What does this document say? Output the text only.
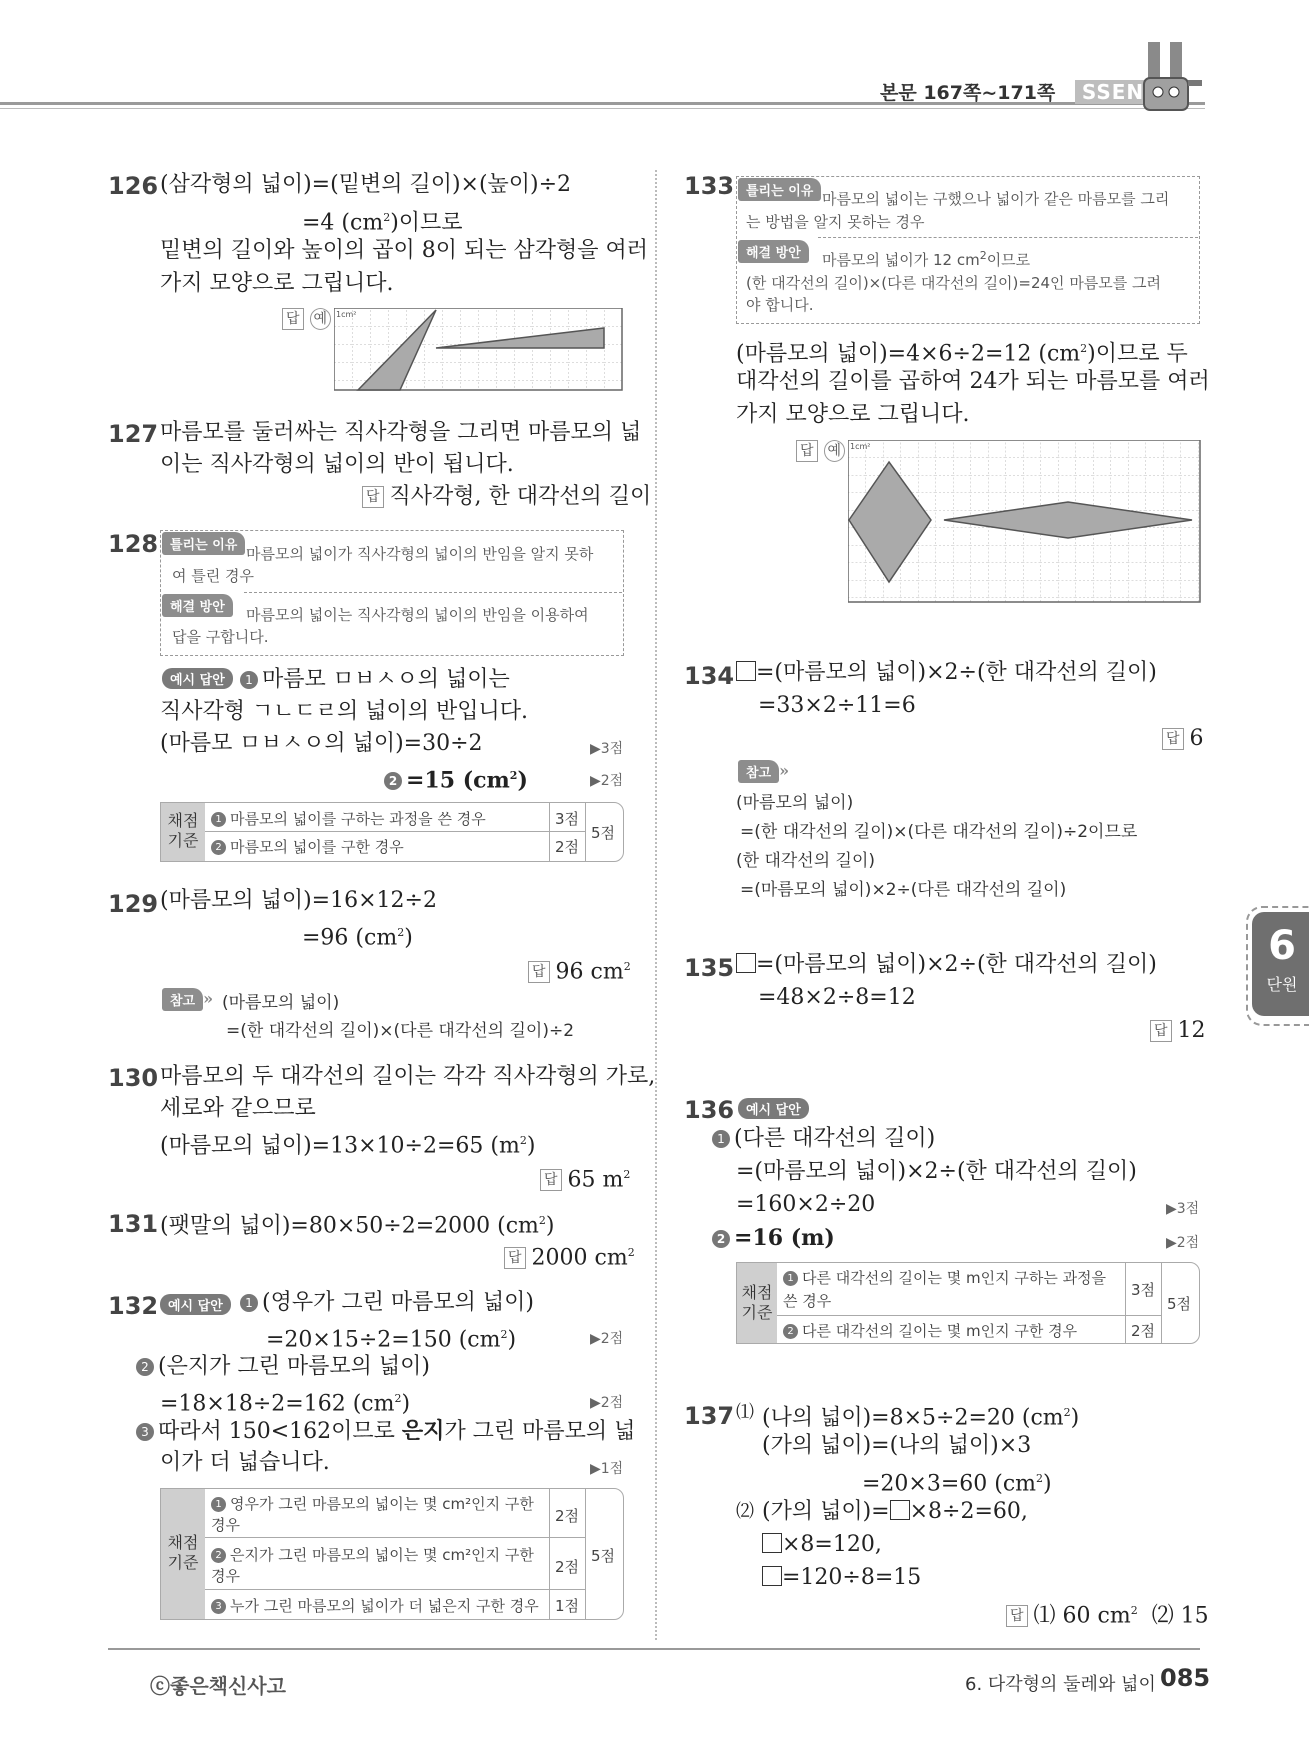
본문 167쪽~171쪽	SSEN
126 (삼각형의 넓이)=(밑변의 길이)×(높이)÷2
=4 $(cm^2)$이므로
밑변의 길이와 높이의 곱이 8이 되는 삼각형을 여러
가지 모양으로 그립니다.
답 예	1cm²
127 마름모를 둘러싸는 직사각형을 그리면 마름모의 넓
이는 직사각형의 넓이의 반이 됩니다.
답 직사각형, 한 대각선의 길이
128 틀리는 이유 마름모의 넓이가 직사각형의 넓이의 반임을 알지 못하
여 틀린 경우
해결 방안	마름모의 넓이는 직사각형의 넓이의 반임을 이용하여
답을 구합니다.
예시 답안	1 마름모 ㅁㅂㅅㅇ의 넓이는
직사각형 ㄱㄴㄷㄹ의 넓이의 반입니다.
(마름모 ㅁㅂㅅㅇ의 넓이)=30÷2	▶3점
2 =15 $(cm^2)$	▶2점
채점
기준
1 마름모의 넓이를 구하는 과정을 쓴 경우	3점
2 마름모의 넓이를 구한 경우	2점
5점
129 (마름모의 넓이)=16×12÷2
=96 $(cm^2)$
답 96 $cm^2$
참고 » (마름모의 넓이)
=(한 대각선의 길이)×(다른 대각선의 길이)÷2
130 마름모의 두 대각선의 길이는 각각 직사각형의 가로,
세로와 같으므로
(마름모의 넓이)=13×10÷2=65 $(m^2)$
답 65 $m^2$
131 (팻말의 넓이)=80×50÷2=2000 $(cm^2)$
답 2000 $cm^2$
132 예시 답안	1 (영우가 그린 마름모의 넓이)
=20×15÷2=150 $(cm^2)$	▶2점
2 (은지가 그린 마름모의 넓이)
=18×18÷2=162 $(cm^2)$	▶2점
3 따라서 150<162이므로 은지가 그린 마름모의 넓
이가 더 넓습니다.	▶1점
채점
기준
1 영우가 그린 마름모의 넓이는 몇 cm²인지 구한
경우	2점
2 은지가 그린 마름모의 넓이는 몇 cm²인지 구한
경우	2점
3 누가 그린 마름모의 넓이가 더 넓은지 구한 경우 1점
5점
133 틀리는 이유 마름모의 넓이는 구했으나 넓이가 같은 마름모를 그리
는 방법을 알지 못하는 경우
해결 방안	마름모의 넓이가 12 $cm^2$이므로
(한 대각선의 길이)×(다른 대각선의 길이)=24인 마름모를 그려
야 합니다.
(마름모의 넓이)=4×6÷2=12 $(cm^2)$이므로 두
대각선의 길이를 곱하여 24가 되는 마름모를 여러
가지 모양으로 그립니다.
답 예	1cm²
134 =(마름모의 넓이)×2÷(한 대각선의 길이)
=33×2÷11=6
답 6
참고 »
(마름모의 넓이)
=(한 대각선의 길이)×(다른 대각선의 길이)÷2이므로
(한 대각선의 길이)
=(마름모의 넓이)×2÷(다른 대각선의 길이)
135 =(마름모의 넓이)×2÷(한 대각선의 길이)
=48×2÷8=12
답 12
136 예시 답안
1 (다른 대각선의 길이)
=(마름모의 넓이)×2÷(한 대각선의 길이)
=160×2÷20	▶3점
2 =16 (m)	▶2점
채점
기준
1 다른 대각선의 길이는 몇 m인지 구하는 과정을
쓴 경우
3점
2 다른 대각선의 길이는 몇 m인지 구한 경우	2점
5점
137 ⑴ (나의 넓이)=8×5÷2=20 $(cm^2)$
(가의 넓이)=(나의 넓이)×3
=20×3=60 $(cm^2)$
⑵ (가의 넓이)= ×8÷2=60,
×8=120,
=120÷8=15
답 ⑴ 60 $cm^2$  ⑵ 15
6
단원
ⓒ좋은책신사고	6. 다각형의 둘레와 넓이 085
